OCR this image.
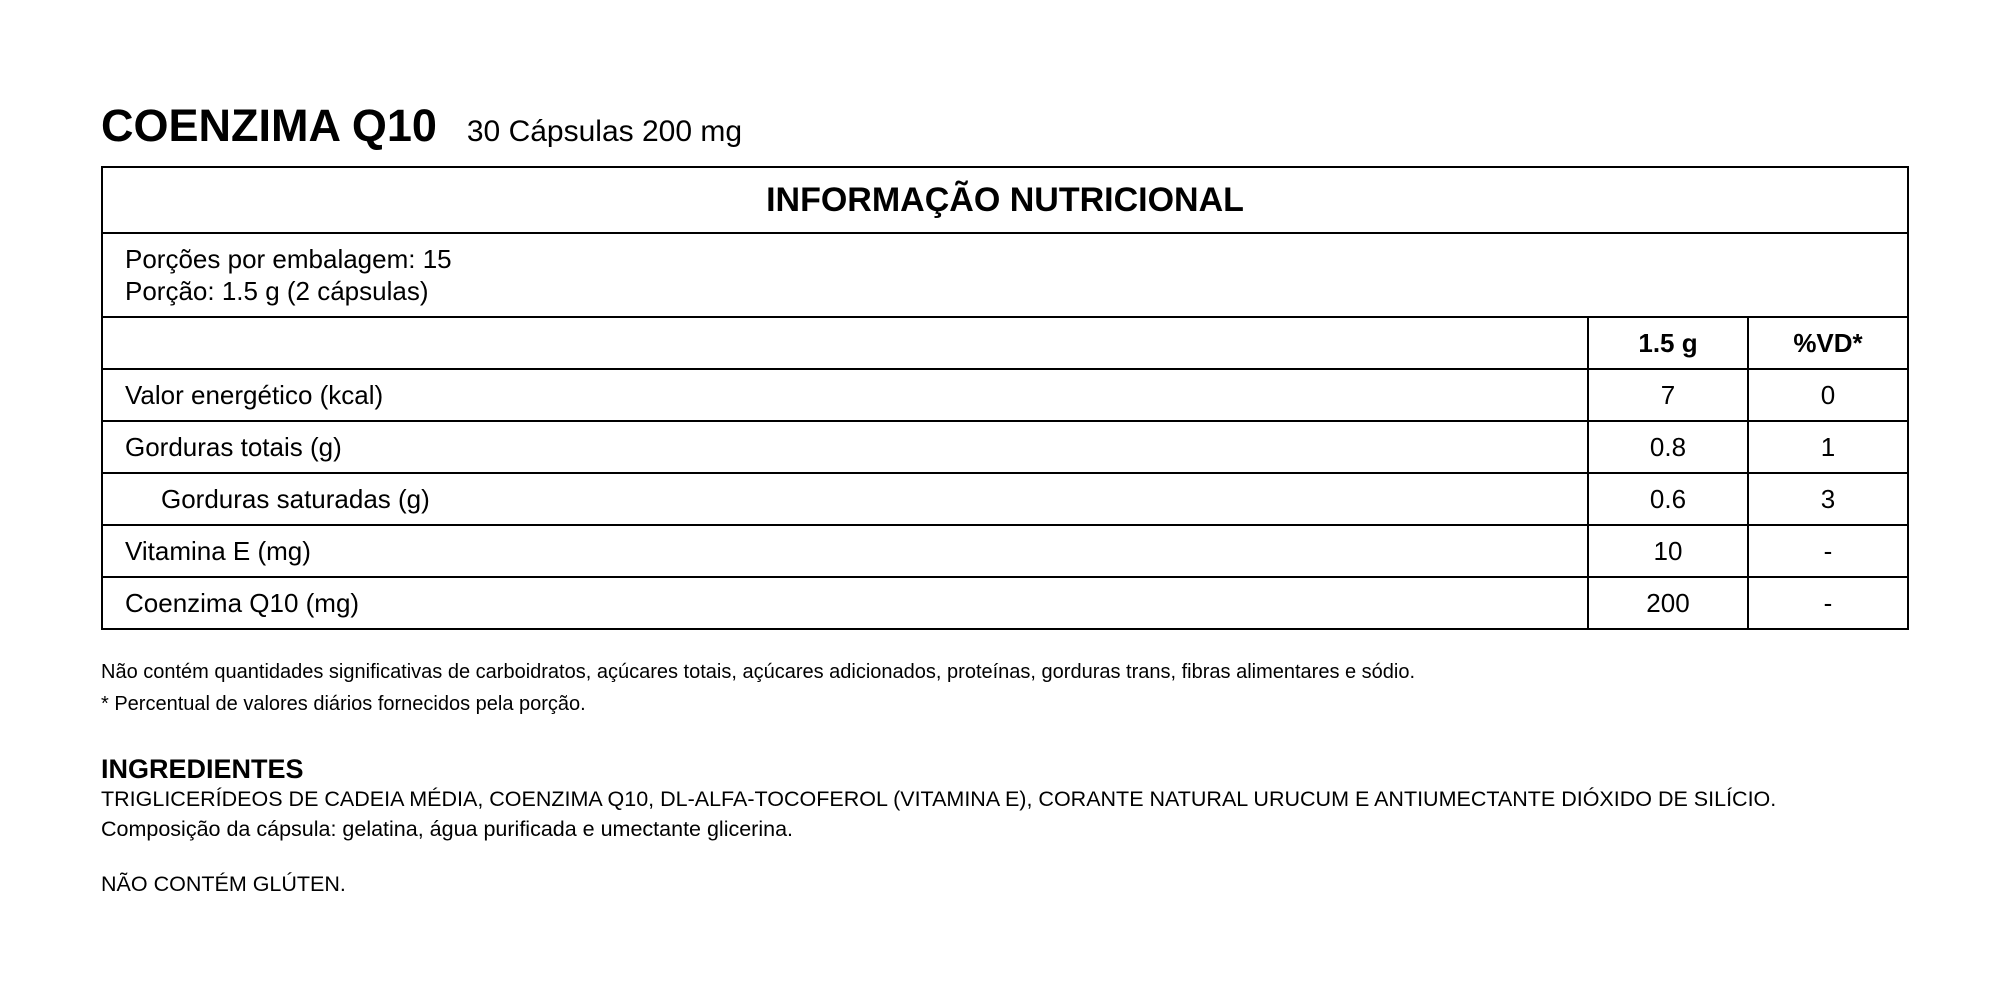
COENZIMA Q10 30 Cápsulas 200 mg
INFORMAÇÃO NUTRICIONAL		

Porções por embalagem: 15
Porção: 1.5 g (2 cápsulas)		

	1.5 g	%VD*
Valor energético (kcal)	7	0
Gorduras totais (g)	0.8	1
Gorduras saturadas (g)	0.6	3
Vitamina E (mg)	10	-
Coenzima Q10 (mg)	200	-
Não contém quantidades significativas de carboidratos, açúcares totais, açúcares adicionados, proteínas, gorduras trans, fibras alimentares e sódio.
* Percentual de valores diários fornecidos pela porção.
INGREDIENTES
TRIGLICERÍDEOS DE CADEIA MÉDIA, COENZIMA Q10, DL-ALFA-TOCOFEROL (VITAMINA E), CORANTE NATURAL URUCUM E ANTIUMECTANTE DIÓXIDO DE SILÍCIO.
Composição da cápsula: gelatina, água purificada e umectante glicerina.
NÃO CONTÉM GLÚTEN.
